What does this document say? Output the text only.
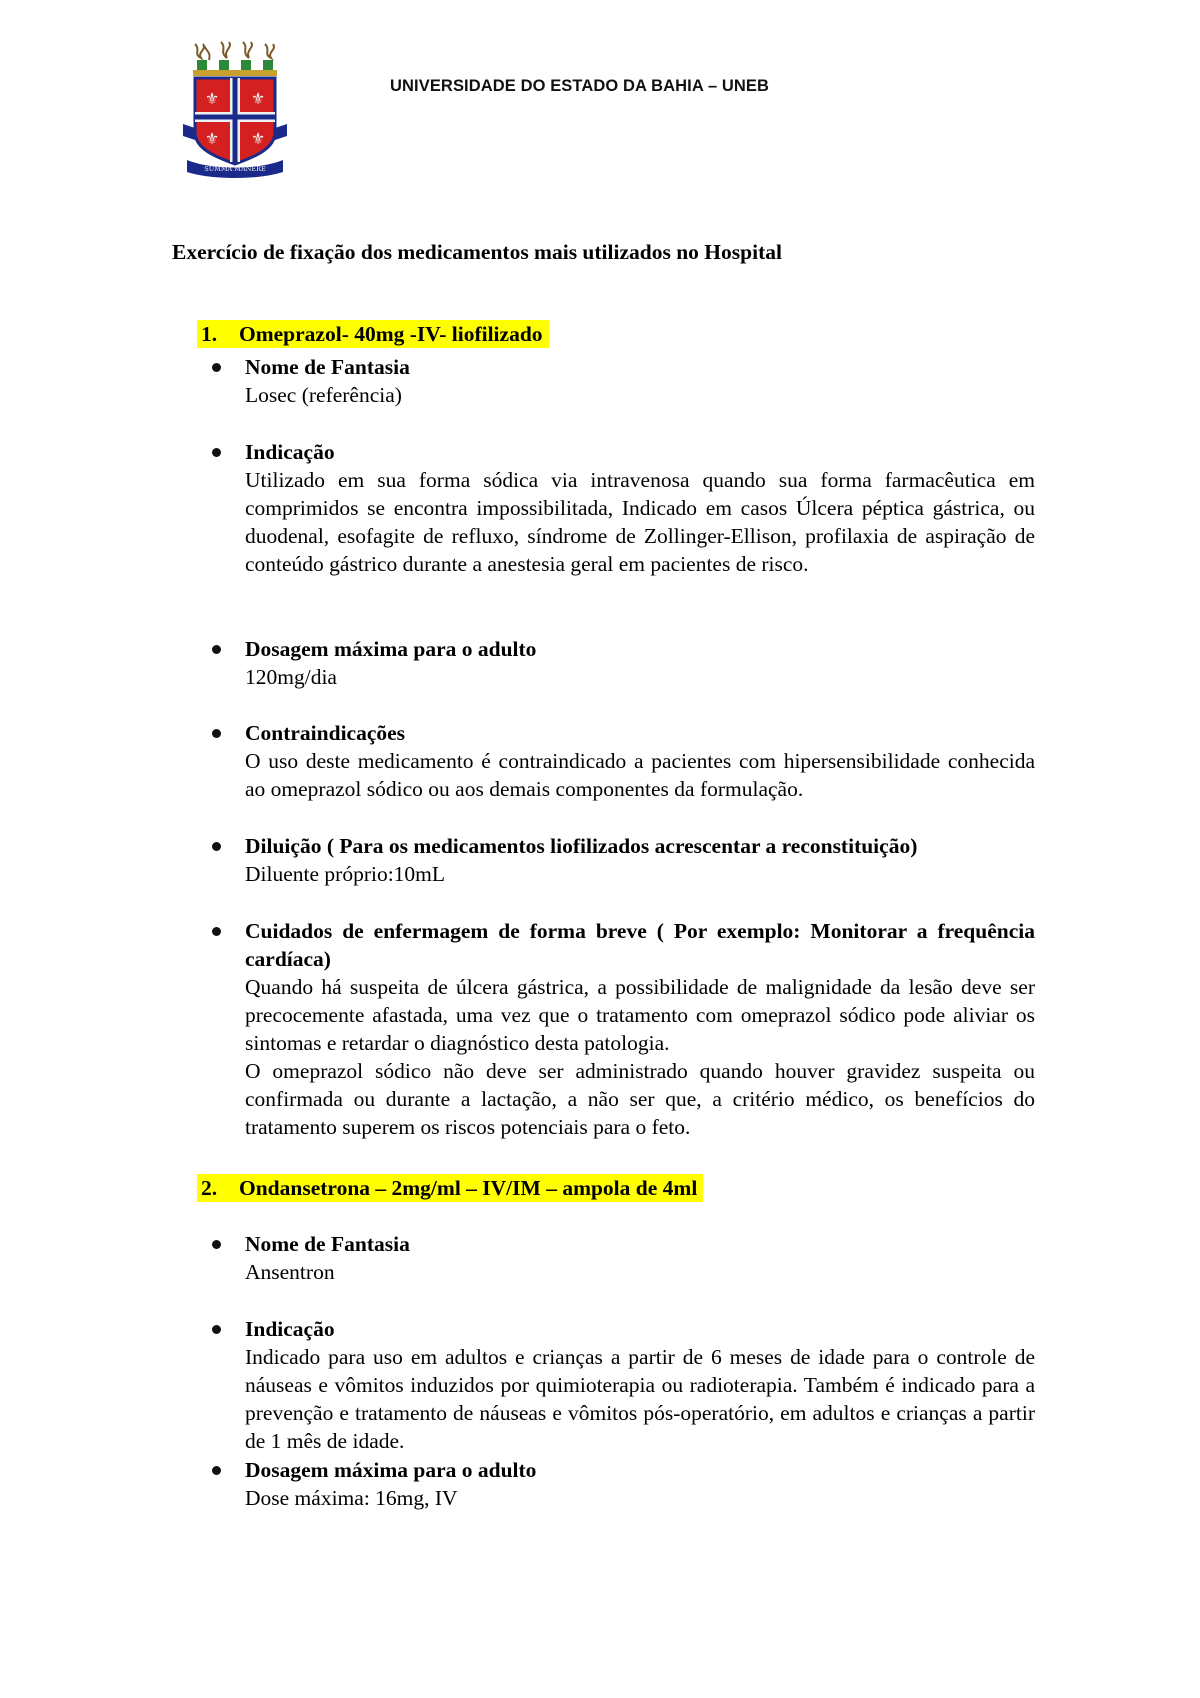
⚜ ⚜
⚜ ⚜
SUMMA MANERE
UNIVERSIDADE DO ESTADO DA BAHIA – UNEB
Exercício de fixação dos medicamentos mais utilizados no Hospital
1. Omeprazol- 40mg -IV- liofilizado
Nome de Fantasia
Losec (referência)
Indicação
Utilizado em sua forma sódica via intravenosa quando sua forma farmacêutica em comprimidos se encontra impossibilitada, Indicado em casos Úlcera péptica gástrica, ou duodenal, esofagite de refluxo, síndrome de Zollinger-Ellison, profilaxia de aspiração de conteúdo gástrico durante a anestesia geral em pacientes de risco.
Dosagem máxima para o adulto
120mg/dia
Contraindicações
O uso deste medicamento é contraindicado a pacientes com hipersensibilidade conhecida ao omeprazol sódico ou aos demais componentes da formulação.
Diluição ( Para os medicamentos liofilizados acrescentar a reconstituição)
Diluente próprio:10mL
Cuidados de enfermagem de forma breve ( Por exemplo: Monitorar a frequência cardíaca)
Quando há suspeita de úlcera gástrica, a possibilidade de malignidade da lesão deve ser precocemente afastada, uma vez que o tratamento com omeprazol sódico pode aliviar os sintomas e retardar o diagnóstico desta patologia.
O omeprazol sódico não deve ser administrado quando houver gravidez suspeita ou confirmada ou durante a lactação, a não ser que, a critério médico, os benefícios do tratamento superem os riscos potenciais para o feto.
2. Ondansetrona – 2mg/ml – IV/IM – ampola de 4ml
Nome de Fantasia
Ansentron
Indicação
Indicado para uso em adultos e crianças a partir de 6 meses de idade para o controle de náuseas e vômitos induzidos por quimioterapia ou radioterapia. Também é indicado para a prevenção e tratamento de náuseas e vômitos pós-operatório, em adultos e crianças a partir de 1 mês de idade.
Dosagem máxima para o adulto
Dose máxima: 16mg, IV
